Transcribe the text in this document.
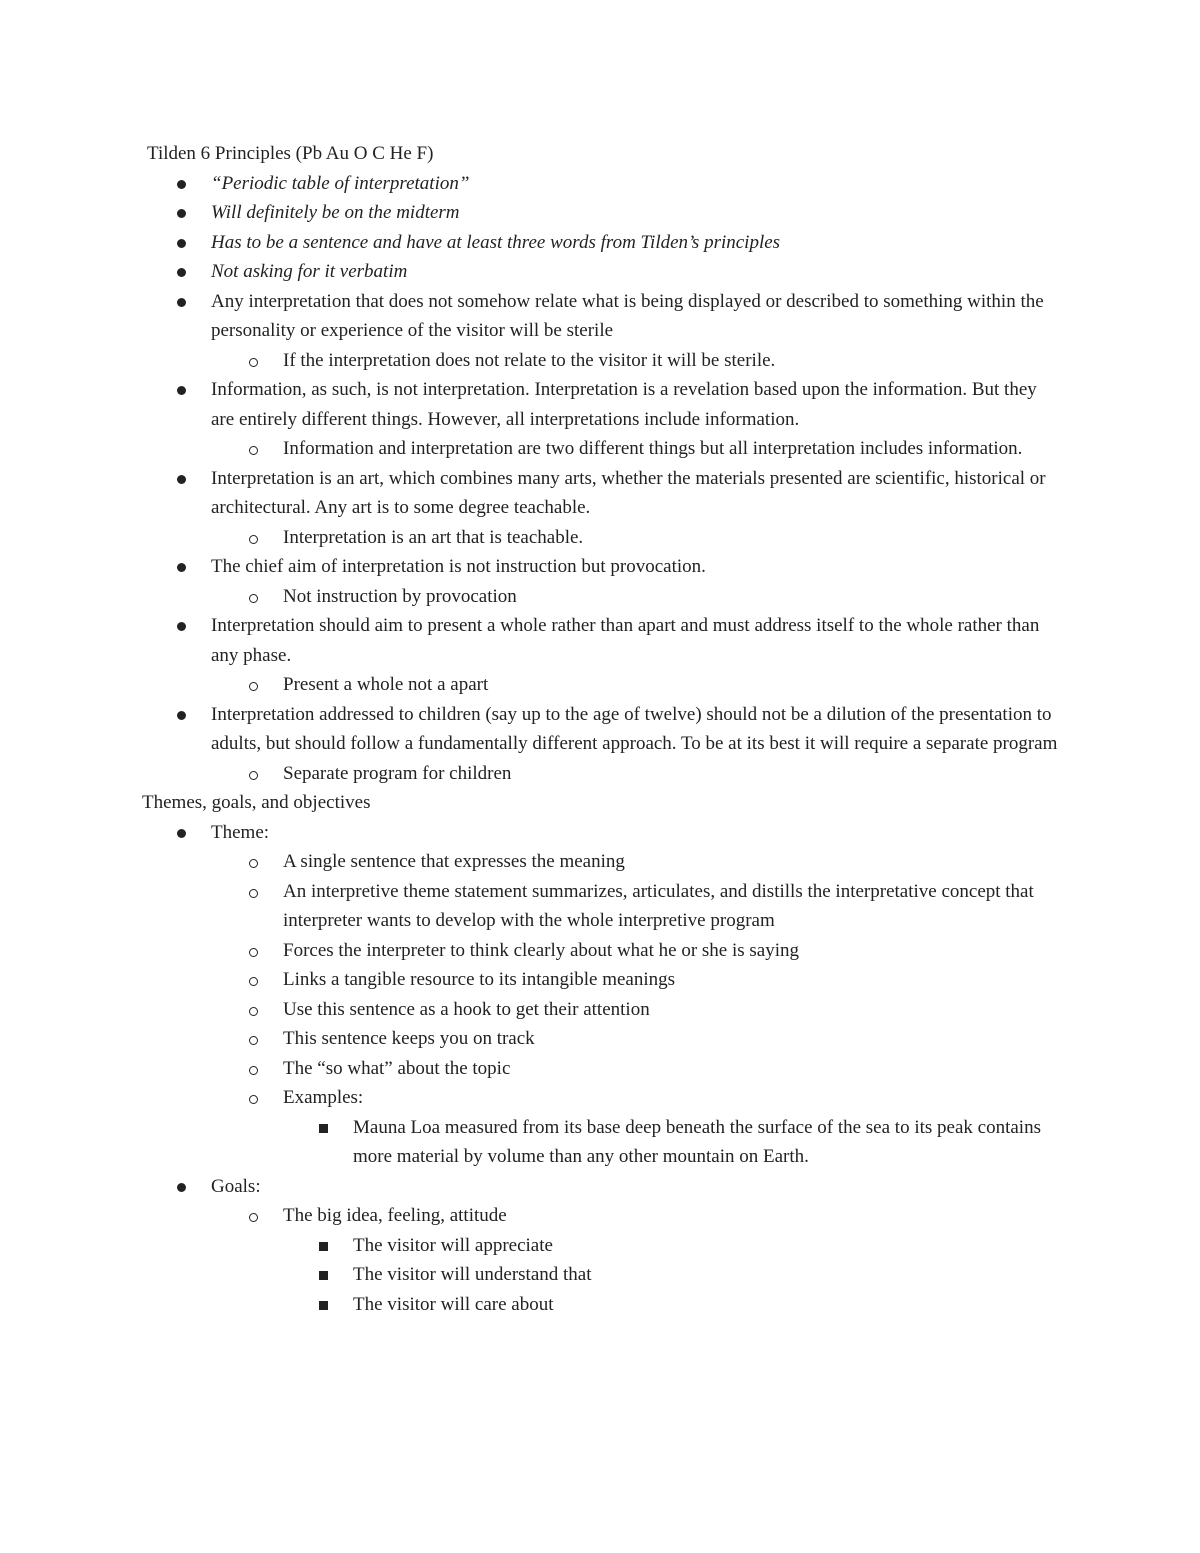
Tilden 6 Principles (Pb Au O C He F)
“Periodic table of interpretation”
Will definitely be on the midterm
Has to be a sentence and have at least three words from Tilden’s principles
Not asking for it verbatim
Any interpretation that does not somehow relate what is being displayed or described to something within the personality or experience of the visitor will be sterile
If the interpretation does not relate to the visitor it will be sterile.
Information, as such, is not interpretation. Interpretation is a revelation based upon the information. But they are entirely different things. However, all interpretations include information.
Information and interpretation are two different things but all interpretation includes information.
Interpretation is an art, which combines many arts, whether the materials presented are scientific, historical or architectural. Any art is to some degree teachable.
Interpretation is an art that is teachable.
The chief aim of interpretation is not instruction but provocation.
Not instruction by provocation
Interpretation should aim to present a whole rather than apart and must address itself to the whole rather than any phase.
Present a whole not a apart
Interpretation addressed to children (say up to the age of twelve) should not be a dilution of the presentation to adults, but should follow a fundamentally different approach. To be at its best it will require a separate program
Separate program for children
Themes, goals, and objectives
Theme:
A single sentence that expresses the meaning
An interpretive theme statement summarizes, articulates, and distills the interpretative concept that interpreter wants to develop with the whole interpretive program
Forces the interpreter to think clearly about what he or she is saying
Links a tangible resource to its intangible meanings
Use this sentence as a hook to get their attention
This sentence keeps you on track
The “so what” about the topic
Examples:
Mauna Loa measured from its base deep beneath the surface of the sea to its peak contains more material by volume than any other mountain on Earth.
Goals:
The big idea, feeling, attitude
The visitor will appreciate
The visitor will understand that
The visitor will care about
